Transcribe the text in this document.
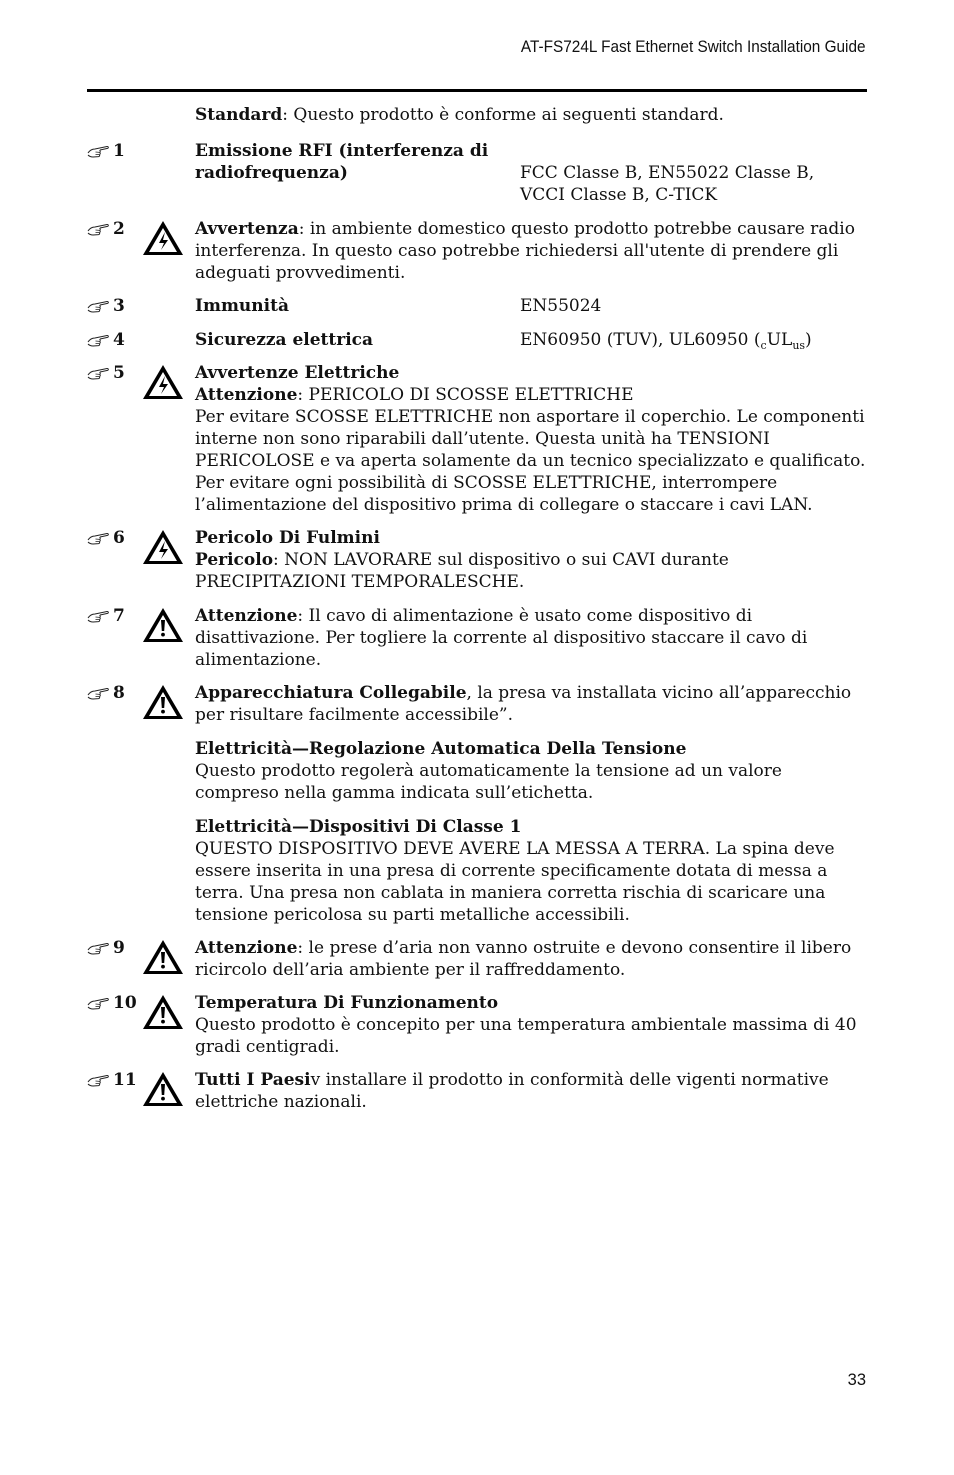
AT-FS724L Fast Ethernet Switch Installation Guide
Standard: Questo prodotto è conforme ai seguenti standard.
1	Emissione RFI (interferenza di
radiofrequenza)	FCC Classe B, EN55022 Classe B,
VCCI Classe B, C-TICK
2	Avvertenza: in ambiente domestico questo prodotto potrebbe causare radio interferenza. In questo caso potrebbe richiedersi all'utente di prendere gli adeguati provvedimenti.

3	Immunità	EN55024
4	Sicurezza elettrica	EN60950 (TUV), UL60950 $(_cUL_{us})$
5	Avvertenze Elettriche
Attenzione: PERICOLO DI SCOSSE ELETTRICHE

Per evitare SCOSSE ELETTRICHE non asportare il coperchio. Le componenti interne non sono riparabili dall’utente. Questa unità ha TENSIONI PERICOLOSE e va aperta solamente da un tecnico specializzato e qualificato. Per evitare ogni possibilità di SCOSSE ELETTRICHE, interrompere l’alimentazione del dispositivo prima di collegare o staccare i cavi LAN.

6	Pericolo Di Fulmini

Pericolo: NON LAVORARE sul dispositivo o sui CAVI durante PRECIPITAZIONI TEMPORALESCHE.

7	Attenzione: Il cavo di alimentazione è usato come dispositivo di disattivazione. Per togliere la corrente al dispositivo staccare il cavo di alimentazione.

8	Apparecchiatura Collegabile, la presa va installata vicino all’apparecchio per risultare facilmente accessibile”.

Elettricità—Regolazione Automatica Della Tensione

Questo prodotto regolerà automaticamente la tensione ad un valore compreso nella gamma indicata sull’etichetta.

Elettricità—Dispositivi Di Classe 1

QUESTO DISPOSITIVO DEVE AVERE LA MESSA A TERRA. La spina deve essere inserita in una presa di corrente specificamente dotata di messa a terra. Una presa non cablata in maniera corretta rischia di scaricare una tensione pericolosa su parti metalliche accessibili.

9	Attenzione: le prese d’aria non vanno ostruite e devono consentire il libero ricircolo dell’aria ambiente per il raffreddamento.

10	Temperatura Di Funzionamento

Questo prodotto è concepito per una temperatura ambientale massima di 40 gradi centigradi.

11	Tutti I Paesiv installare il prodotto in conformità delle vigenti normative elettriche nazionali.

33
